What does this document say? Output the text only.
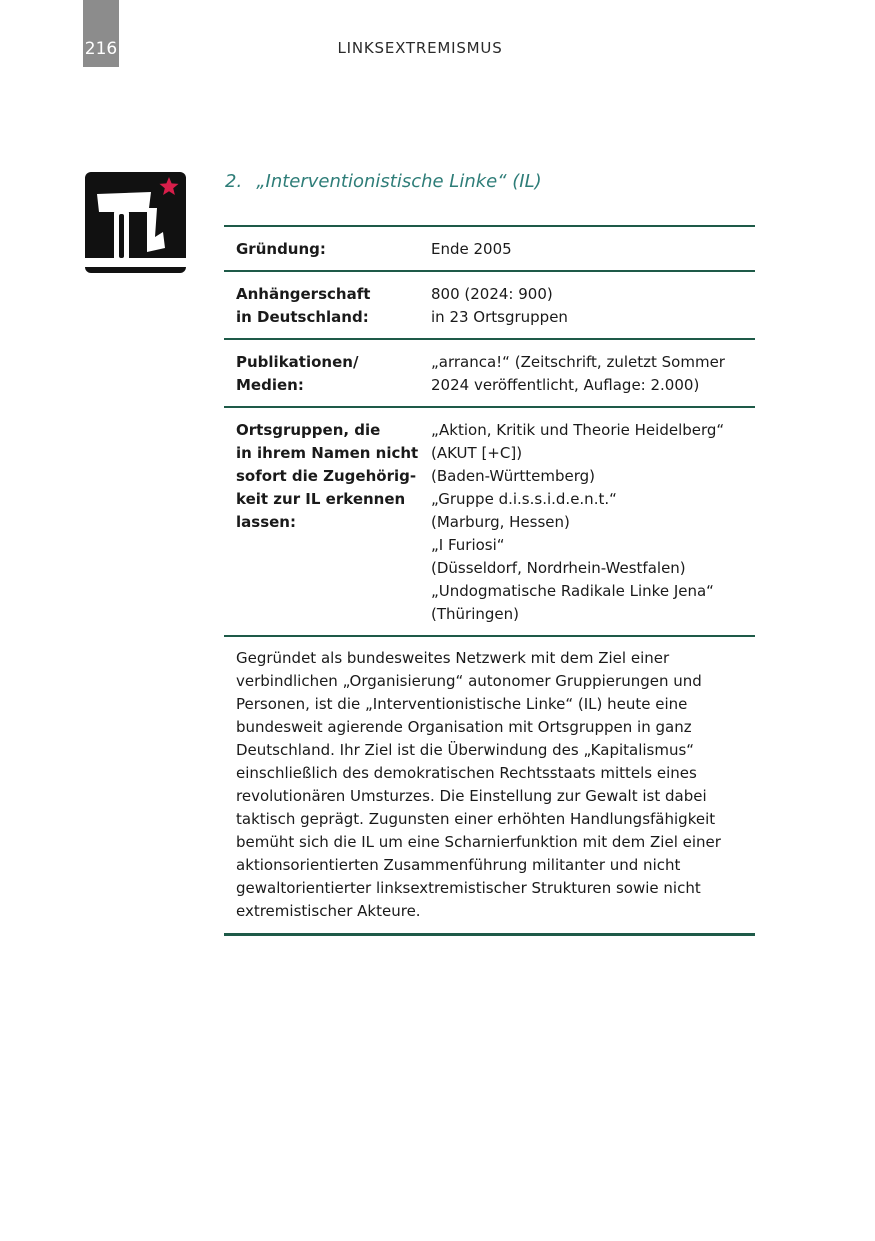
216	LINKSEXTREMISMUS
2. „Interventionistische Linke“ (IL)
Gründung:	Ende 2005
Anhängerschaft
in Deutschland:
800 (2024: 900)
in 23 Ortsgruppen
Publikationen/
Medien:
„arranca!“ (Zeitschrift, zuletzt Sommer
2024 veröffentlicht, Auflage: 2.000)
Ortsgruppen, die
in ihrem Namen nicht
sofort die Zugehörig-
keit zur IL erkennen
lassen:
„Aktion, Kritik und Theorie Heidelberg“
(AKUT [+C])
(Baden-Württemberg)
„Gruppe d.i.s.s.i.d.e.n.t.“
(Marburg, Hessen)
„I Furiosi“
(Düsseldorf, Nordrhein-Westfalen)
„Undogmatische Radikale Linke Jena“
(Thüringen)
Gegründet als bundesweites Netzwerk mit dem Ziel einer verbindlichen „Organisierung“ autonomer Gruppierungen und Personen, ist die „Interventionistische Linke“ (IL) heute eine bundesweit agierende Organisation mit Ortsgruppen in ganz Deutschland. Ihr Ziel ist die Überwindung des „Kapitalismus“ einschließlich des demokratischen Rechtsstaats mittels eines revolutionären Umsturzes. Die Einstellung zur Gewalt ist dabei taktisch geprägt. Zugunsten einer erhöhten Handlungsfähigkeit bemüht sich die IL um eine Scharnierfunktion mit dem Ziel einer aktionsorientierten Zusammenführung militanter und nicht gewaltorientierter linksextremistischer Strukturen sowie nicht extremistischer Akteure.
